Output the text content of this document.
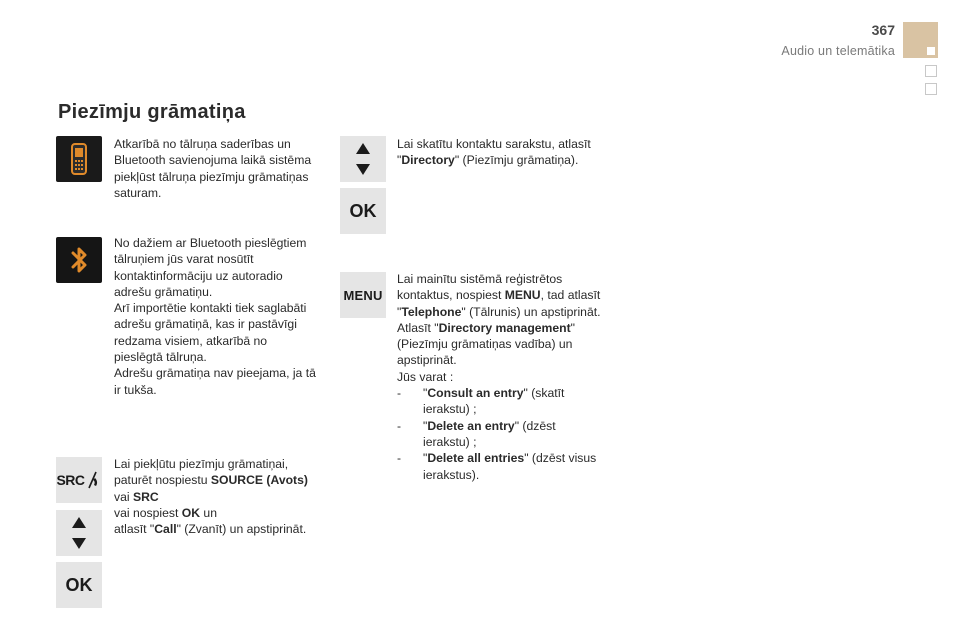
367
Audio un telemātika
Piezīmju grāmatiņa
SRC
OK

Atkarībā no tālruņa saderības un Bluetooth savienojuma laikā sistēma piekļūst tālruņa piezīmju grāmatiņas saturam.

No dažiem ar Bluetooth pieslēgtiem tālruņiem jūs varat nosūtīt kontaktinformāciju uz autoradio adrešu grāmatiņu.

Arī importētie kontakti tiek saglabāti adrešu grāmatiņā, kas ir pastāvīgi redzama visiem, atkarībā no pieslēgtā tālruņa.

Adrešu grāmatiņa nav pieejama, ja tā ir tukša.

Lai piekļūtu piezīmju grāmatiņai, paturēt nospiestu SOURCE (Avots)
vai SRC

vai nospiest OK un

atlasīt "Call" (Zvanīt) un apstiprināt.

OK
MENU

Lai skatītu kontaktu sarakstu, atlasīt "Directory" (Piezīmju grāmatiņa).

Lai mainītu sistēmā reģistrētos kontaktus, nospiest MENU, tad atlasīt "Telephone" (Tālrunis) un apstiprināt.

Atlasīt "Directory management" (Piezīmju grāmatiņas vadība) un apstiprināt.

Jūs varat :

-	"Consult an entry" (skatīt ierakstu) ;
-	"Delete an entry" (dzēst ierakstu) ;
-	"Delete all entries" (dzēst visus ierakstus).
